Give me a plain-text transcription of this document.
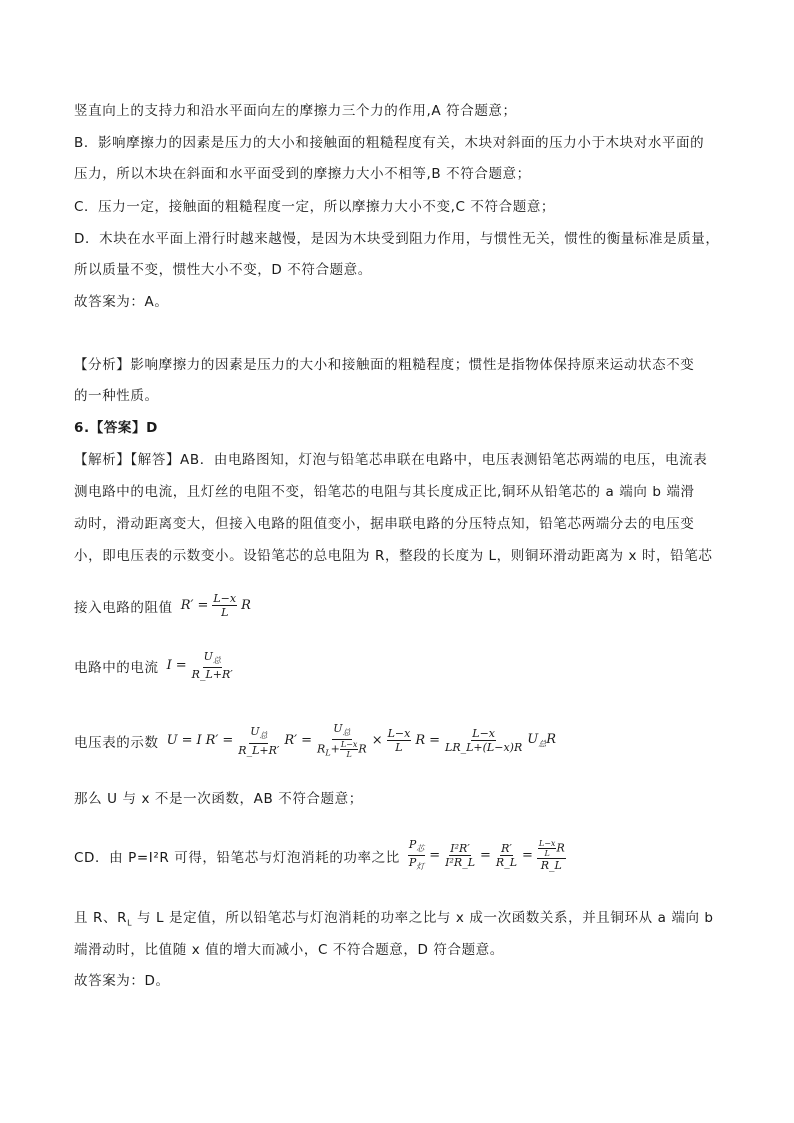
竖直向上的支持力和沿水平面向左的摩擦力三个力的作用,A 符合题意；
B．影响摩擦力的因素是压力的大小和接触面的粗糙程度有关，木块对斜面的压力小于木块对水平面的
压力，所以木块在斜面和水平面受到的摩擦力大小不相等,B 不符合题意；
C．压力一定，接触面的粗糙程度一定，所以摩擦力大小不变,C 不符合题意；
D．木块在水平面上滑行时越来越慢，是因为木块受到阻力作用，与惯性无关，惯性的衡量标准是质量，
所以质量不变，惯性大小不变，D 不符合题意。
故答案为：A。
【分析】影响摩擦力的因素是压力的大小和接触面的粗糙程度；惯性是指物体保持原来运动状态不变
的一种性质。
6.【答案】D
【解析】【解答】AB．由电路图知，灯泡与铅笔芯串联在电路中，电压表测铅笔芯两端的电压，电流表
测电路中的电流，且灯丝的电阻不变，铅笔芯的电阻与其长度成正比,铜环从铅笔芯的 a 端向 b 端滑
动时，滑动距离变大，但接入电路的阻值变小，据串联电路的分压特点知，铅笔芯两端分去的电压变
小，即电压表的示数变小。设铅笔芯的总电阻为 R，整段的长度为 L，则铜环滑动距离为 x 时，铅笔芯
接入电路的阻值 $R' = \frac{L-x}{L}$ R
电路中的电流 $I = \frac{U_总}{R\_L+R'}$
电压表的示数 U = I $R' = \frac{U_总}{R\_L+R'} R' = \frac{U_总}{R_L+ \frac{L-x}{L} R} \times \frac{L-x}{L}$ $R = \frac{L-x}{LR\_L+(L-x)R} U_总R$
那么 U 与 x 不是一次函数，AB 不符合题意；
CD．由 P=I²R 可得，铅笔芯与灯泡消耗的功率之比 $\frac{P_芯}{P_灯} = \frac{\text{I²R′}}{\text{I²R\_L}} = \frac{R'}{R\_L} = \frac{\frac{L-x}{L} R}{R\_L}$
且 R、$R_L$ 与 L 是定值，所以铅笔芯与灯泡消耗的功率之比与 x 成一次函数关系，并且铜环从 a 端向 b
端滑动时，比值随 x 值的增大而减小，C 不符合题意，D 符合题意。
故答案为：D。
